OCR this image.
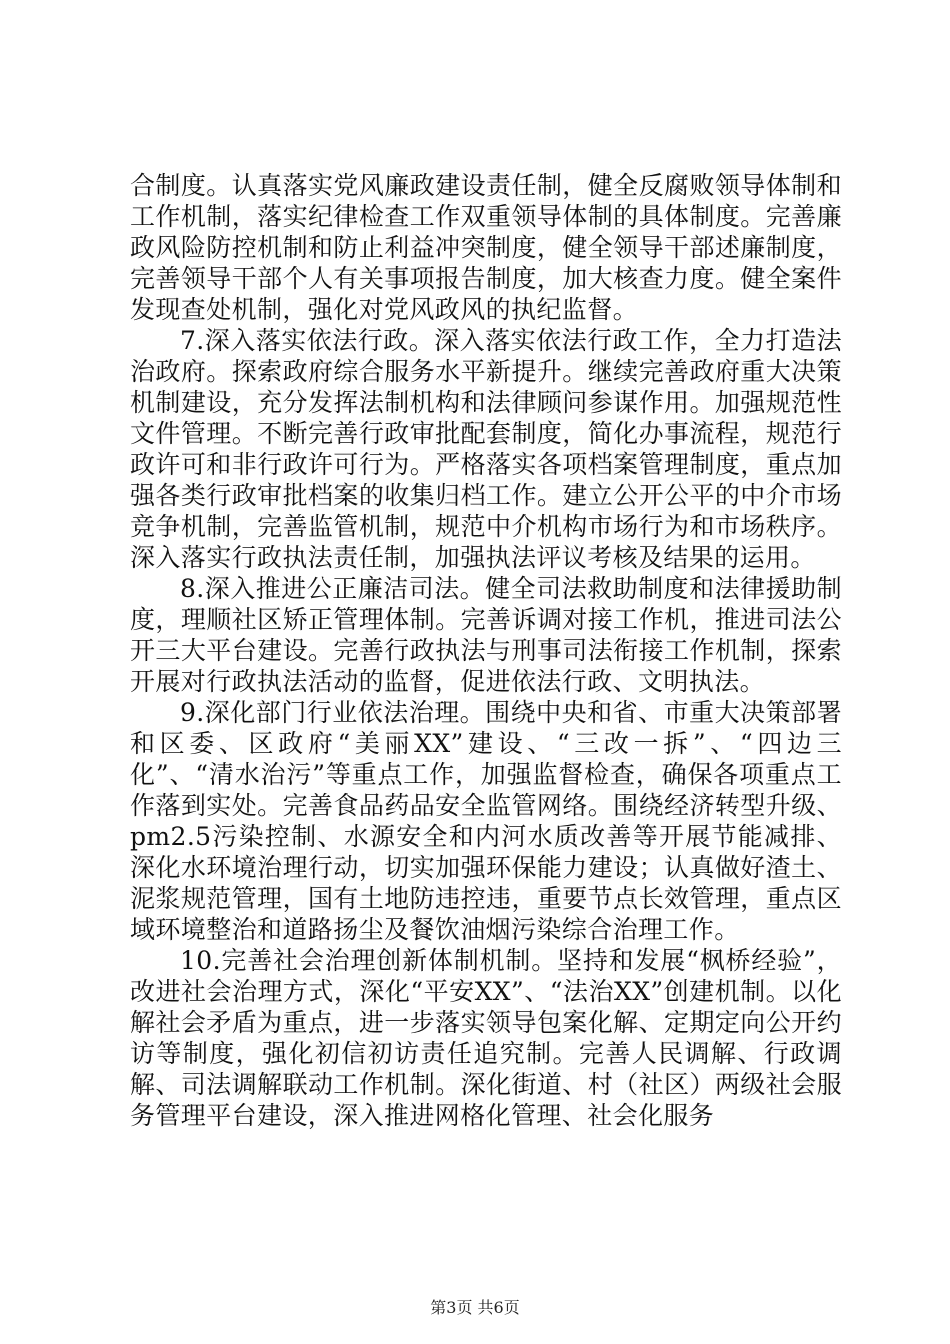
合制度。认真落实党风廉政建设责任制，健全反腐败领导体制和工作机制，落实纪律检查工作双重领导体制的具体制度。完善廉政风险防控机制和防止利益冲突制度，健全领导干部述廉制度，完善领导干部个人有关事项报告制度，加大核查力度。健全案件发现查处机制，强化对党风政风的执纪监督。

7.深入落实依法行政。深入落实依法行政工作，全力打造法治政府。探索政府综合服务水平新提升。继续完善政府重大决策机制建设，充分发挥法制机构和法律顾问参谋作用。加强规范性文件管理。不断完善行政审批配套制度，简化办事流程，规范行政许可和非行政许可行为。严格落实各项档案管理制度，重点加强各类行政审批档案的收集归档工作。建立公开公平的中介市场竞争机制，完善监管机制，规范中介机构市场行为和市场秩序。深入落实行政执法责任制，加强执法评议考核及结果的运用。

8.深入推进公正廉洁司法。健全司法救助制度和法律援助制度，理顺社区矫正管理体制。完善诉调对接工作机，推进司法公开三大平台建设。完善行政执法与刑事司法衔接工作机制，探索开展对行政执法活动的监督，促进依法行政、文明执法。

9.深化部门行业依法治理。围绕中央和省、市重大决策部署和区委、区政府“美丽XX”建设、“三改一拆”、“四边三化”、“清水治污”等重点工作，加强监督检查，确保各项重点工作落到实处。完善食品药品安全监管网络。围绕经济转型升级、pm2.5污染控制、水源安全和内河水质改善等开展节能减排、深化水环境治理行动，切实加强环保能力建设；认真做好渣土、泥浆规范管理，国有土地防违控违，重要节点长效管理，重点区域环境整治和道路扬尘及餐饮油烟污染综合治理工作。

10.完善社会治理创新体制机制。坚持和发展“枫桥经验”，改进社会治理方式，深化“平安XX”、“法治XX”创建机制。以化解社会矛盾为重点，进一步落实领导包案化解、定期定向公开约访等制度，强化初信初访责任追究制。完善人民调解、行政调解、司法调解联动工作机制。深化街道、村（社区）两级社会服务管理平台建设，深入推进网格化管理、社会化服务

第3页 共6页
